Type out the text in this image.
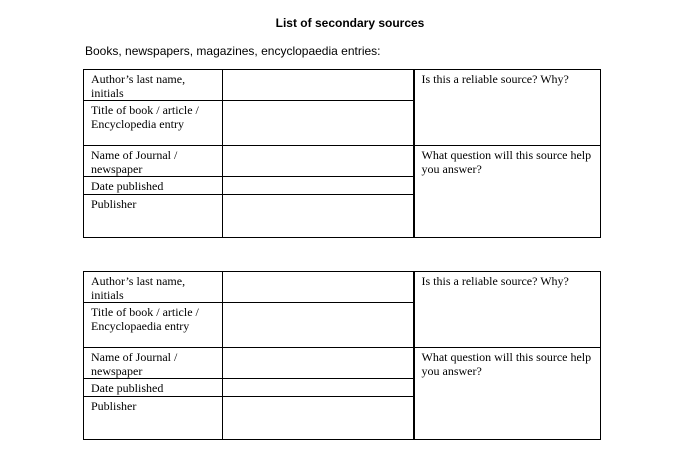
List of secondary sources
Books, newspapers, magazines, encyclopaedia entries:
Author’s last name, initials		Is this a reliable source? Why?
Title of book / article / Encyclopedia entry		
Name of Journal / newspaper		What question will this source help you answer?
Date published		
Publisher		
Author’s last name, initials		Is this a reliable source? Why?
Title of book / article / Encyclopaedia entry		
Name of Journal / newspaper		What question will this source help you answer?
Date published		
Publisher		
